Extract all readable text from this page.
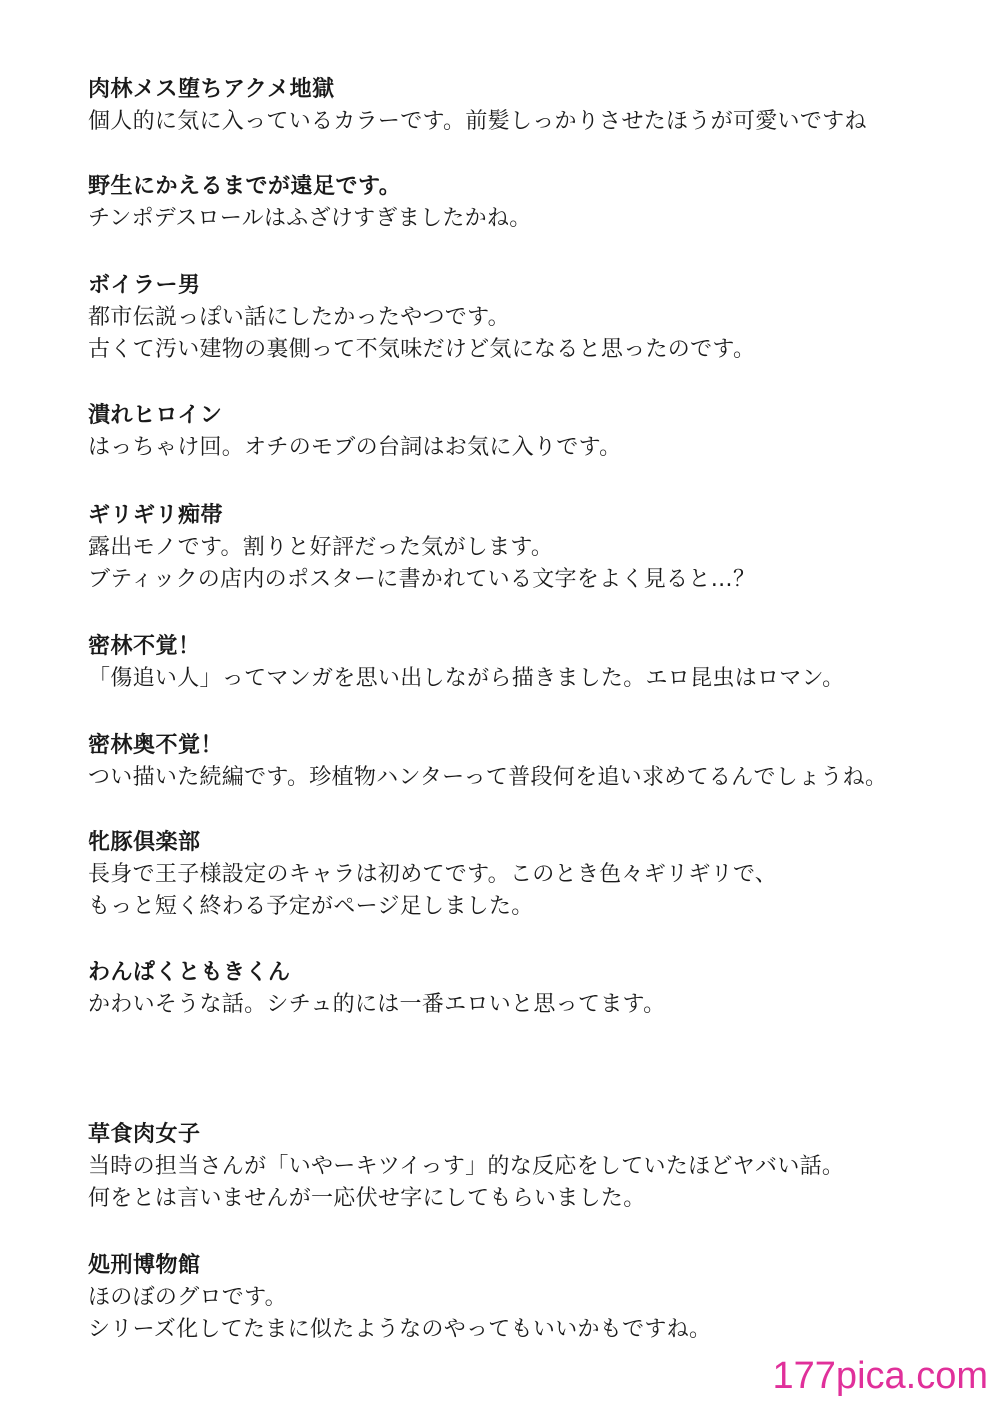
肉林メス堕ちアクメ地獄
個人的に気に入っているカラーです。前髪しっかりさせたほうが可愛いですね
野生にかえるまでが遠足です。
チンポデスロールはふざけすぎましたかね。
ボイラー男
都市伝説っぽい話にしたかったやつです。
古くて汚い建物の裏側って不気味だけど気になると思ったのです。
潰れヒロイン
はっちゃけ回。オチのモブの台詞はお気に入りです。
ギリギリ痴帯
露出モノです。割りと好評だった気がします。
ブティックの店内のポスターに書かれている文字をよく見ると…？
密林不覚！
「傷追い人」ってマンガを思い出しながら描きました。エロ昆虫はロマン。
密林奥不覚！
つい描いた続編です。珍植物ハンターって普段何を追い求めてるんでしょうね。
牝豚倶楽部
長身で王子様設定のキャラは初めてです。このとき色々ギリギリで、
もっと短く終わる予定がページ足しました。
わんぱくともきくん
かわいそうな話。シチュ的には一番エロいと思ってます。
草食肉女子
当時の担当さんが「いやーキツイっす」的な反応をしていたほどヤバい話。
何をとは言いませんが一応伏せ字にしてもらいました。
処刑博物館
ほのぼのグロです。
シリーズ化してたまに似たようなのやってもいいかもですね。
177pica.com
